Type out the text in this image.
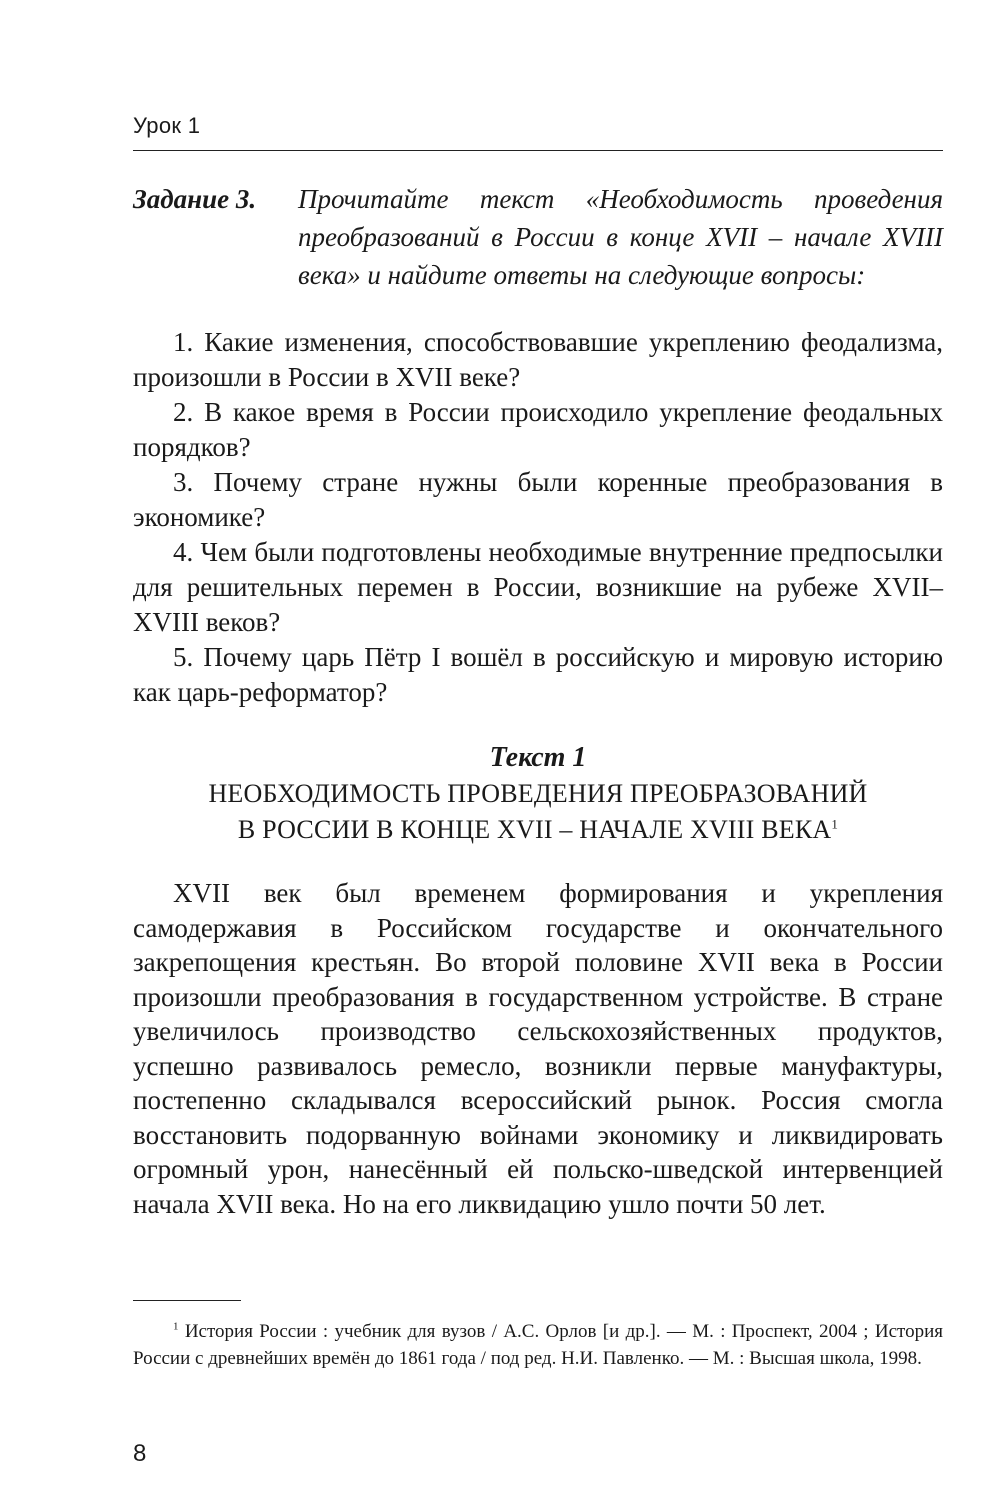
Урок 1
Задание 3.	Прочитайте текст «Необходимость проведения преобразований в России в конце XVII – начале XVIII века» и найдите ответы на следующие вопросы:

1. Какие изменения, способствовавшие укреплению феодализма, произошли в России в XVII веке?

2. В какое время в России происходило укрепление феодальных порядков?

3. Почему стране нужны были коренные преобразования в экономике?

4. Чем были подготовлены необходимые внутренние предпосылки для решительных перемен в России, возникшие на рубеже XVII–XVIII веков?

5. Почему царь Пётр I вошёл в российскую и мировую историю как царь-реформатор?

Текст 1
НЕОБХОДИМОСТЬ ПРОВЕДЕНИЯ ПРЕОБРАЗОВАНИЙ
В РОССИИ В КОНЦЕ XVII – НАЧАЛЕ XVIII ВЕКА$^1$

XVII век был временем формирования и укрепления самодержавия в Российском государстве и окончательного закрепощения крестьян. Во второй половине XVII века в России произошли преобразования в государственном устройстве. В стране увеличилось производство сельскохозяйственных продуктов, успешно развивалось ремесло, возникли первые мануфактуры, постепенно складывался всероссийский рынок. Россия смогла восстановить подорванную войнами экономику и ликвидировать огромный урон, нанесённый ей польско-шведской интервенцией начала XVII века. Но на его ликвидацию ушло почти 50 лет.

$^1$ История России : учебник для вузов / А.С. Орлов [и др.]. — М. : Проспект, 2004 ; История России с древнейших времён до 1861 года / под ред. Н.И. Павленко. — М. : Высшая школа, 1998.

8
